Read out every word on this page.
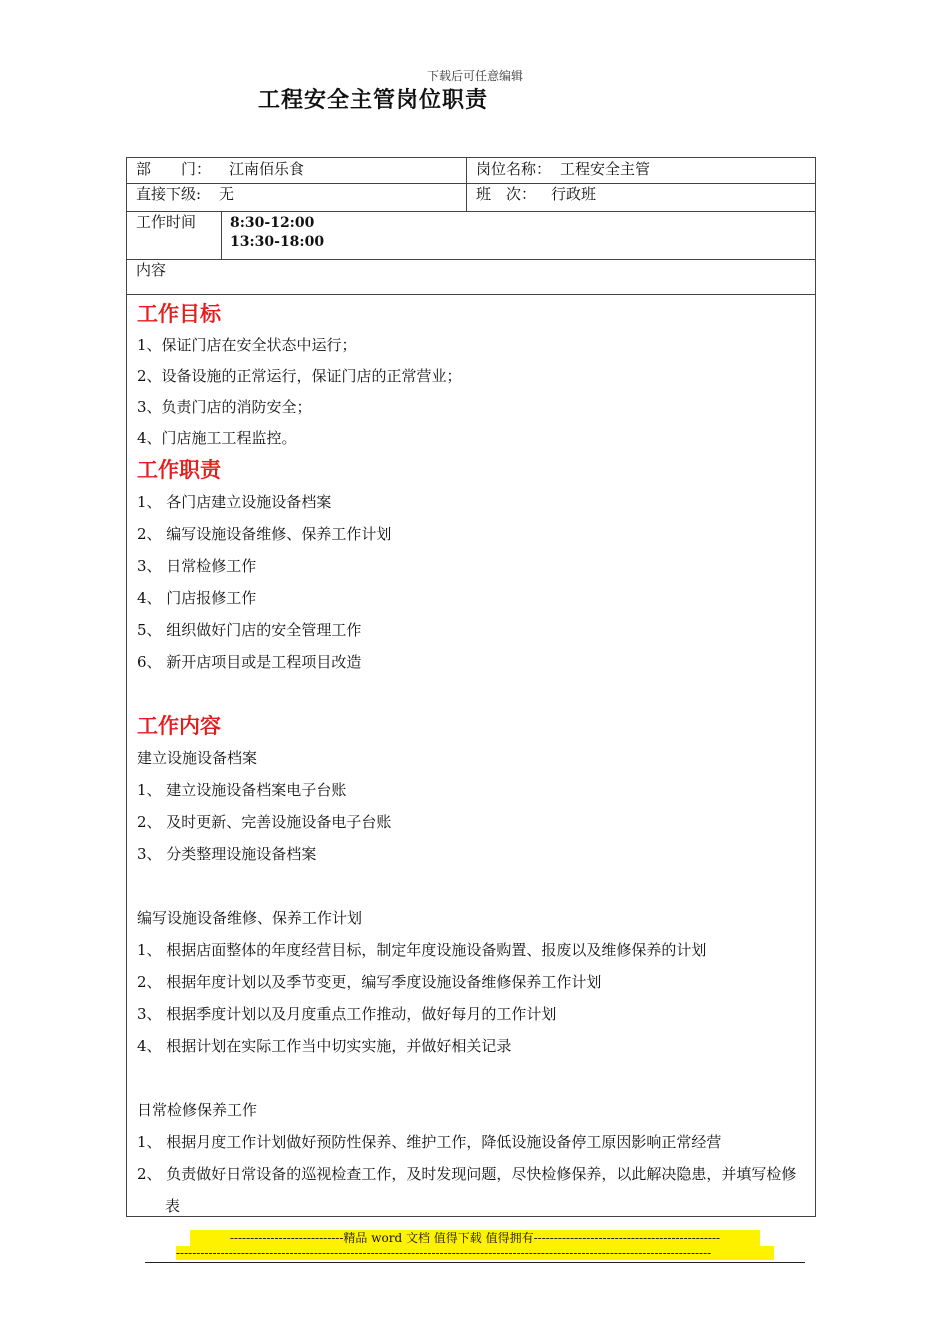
下载后可任意编辑
工程安全主管岗位职责
部　　门： 江南佰乐食	岗位名称： 工程安全主管
直接下级: 无	班　次： 行政班
工作时间 8:30-12:00
13:30-18:00
内容
工作目标
1、保证门店在安全状态中运行；
2、设备设施的正常运行，保证门店的正常营业；
3、负责门店的消防安全；
4、门店施工工程监控。
工作职责
1、 各门店建立设施设备档案
2、 编写设施设备维修、保养工作计划
3、 日常检修工作
4、 门店报修工作
5、 组织做好门店的安全管理工作
6、 新开店项目或是工程项目改造
工作内容
建立设施设备档案
1、 建立设施设备档案电子台账
2、 及时更新、完善设施设备电子台账
3、 分类整理设施设备档案
编写设施设备维修、保养工作计划
1、 根据店面整体的年度经营目标，制定年度设施设备购置、报废以及维修保养的计划
2、 根据年度计划以及季节变更，编写季度设施设备维修保养工作计划
3、 根据季度计划以及月度重点工作推动，做好每月的工作计划
4、 根据计划在实际工作当中切实实施，并做好相关记录
日常检修保养工作
1、 根据月度工作计划做好预防性保养、维护工作，降低设施设备停工原因影响正常经营
2、 负责做好日常设备的巡视检查工作，及时发现问题，尽快检修保养，以此解决隐患，并填写检修表
----------------------------精品 word 文档 值得下载 值得拥有----------------------------------------------
------------------------------------------------------------------------------------------------------------------------------------
